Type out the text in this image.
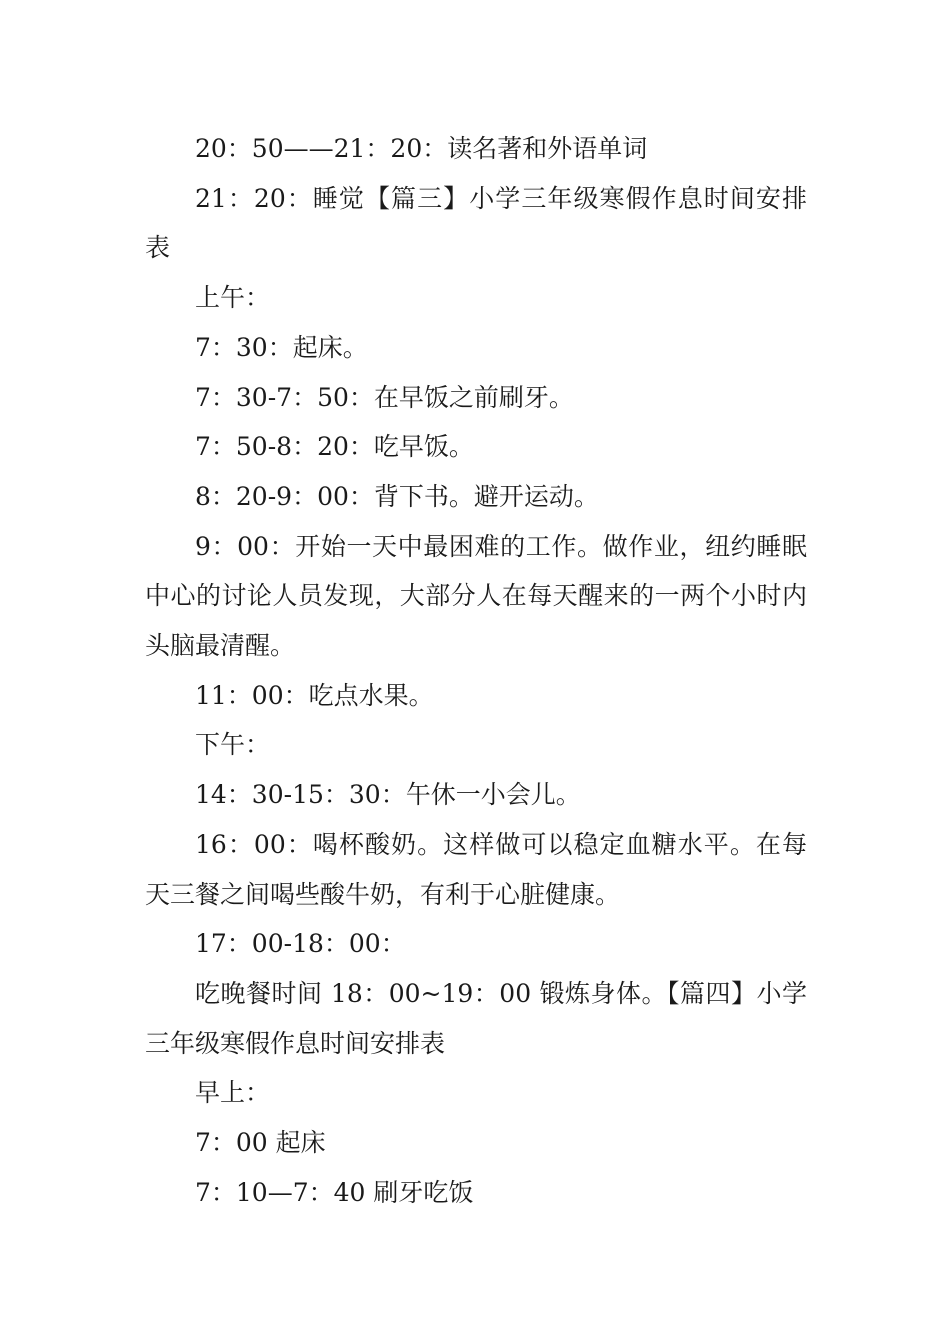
20：50——21：20：读名著和外语单词

21：20：睡觉【篇三】小学三年级寒假作息时间安排表

上午：

7：30：起床。

7：30-7：50：在早饭之前刷牙。

7：50-8：20：吃早饭。

8：20-9：00：背下书。避开运动。

9：00：开始一天中最困难的工作。做作业，纽约睡眠中心的讨论人员发现，大部分人在每天醒来的一两个小时内头脑最清醒。

11：00：吃点水果。

下午：

14：30-15：30：午休一小会儿。

16：00：喝杯酸奶。这样做可以稳定血糖水平。在每天三餐之间喝些酸牛奶，有利于心脏健康。

17：00-18：00：

吃晚餐时间 18：00~19：00 锻炼身体。【篇四】小学三年级寒假作息时间安排表

早上：

7：00 起床

7：10—7：40 刷牙吃饭
